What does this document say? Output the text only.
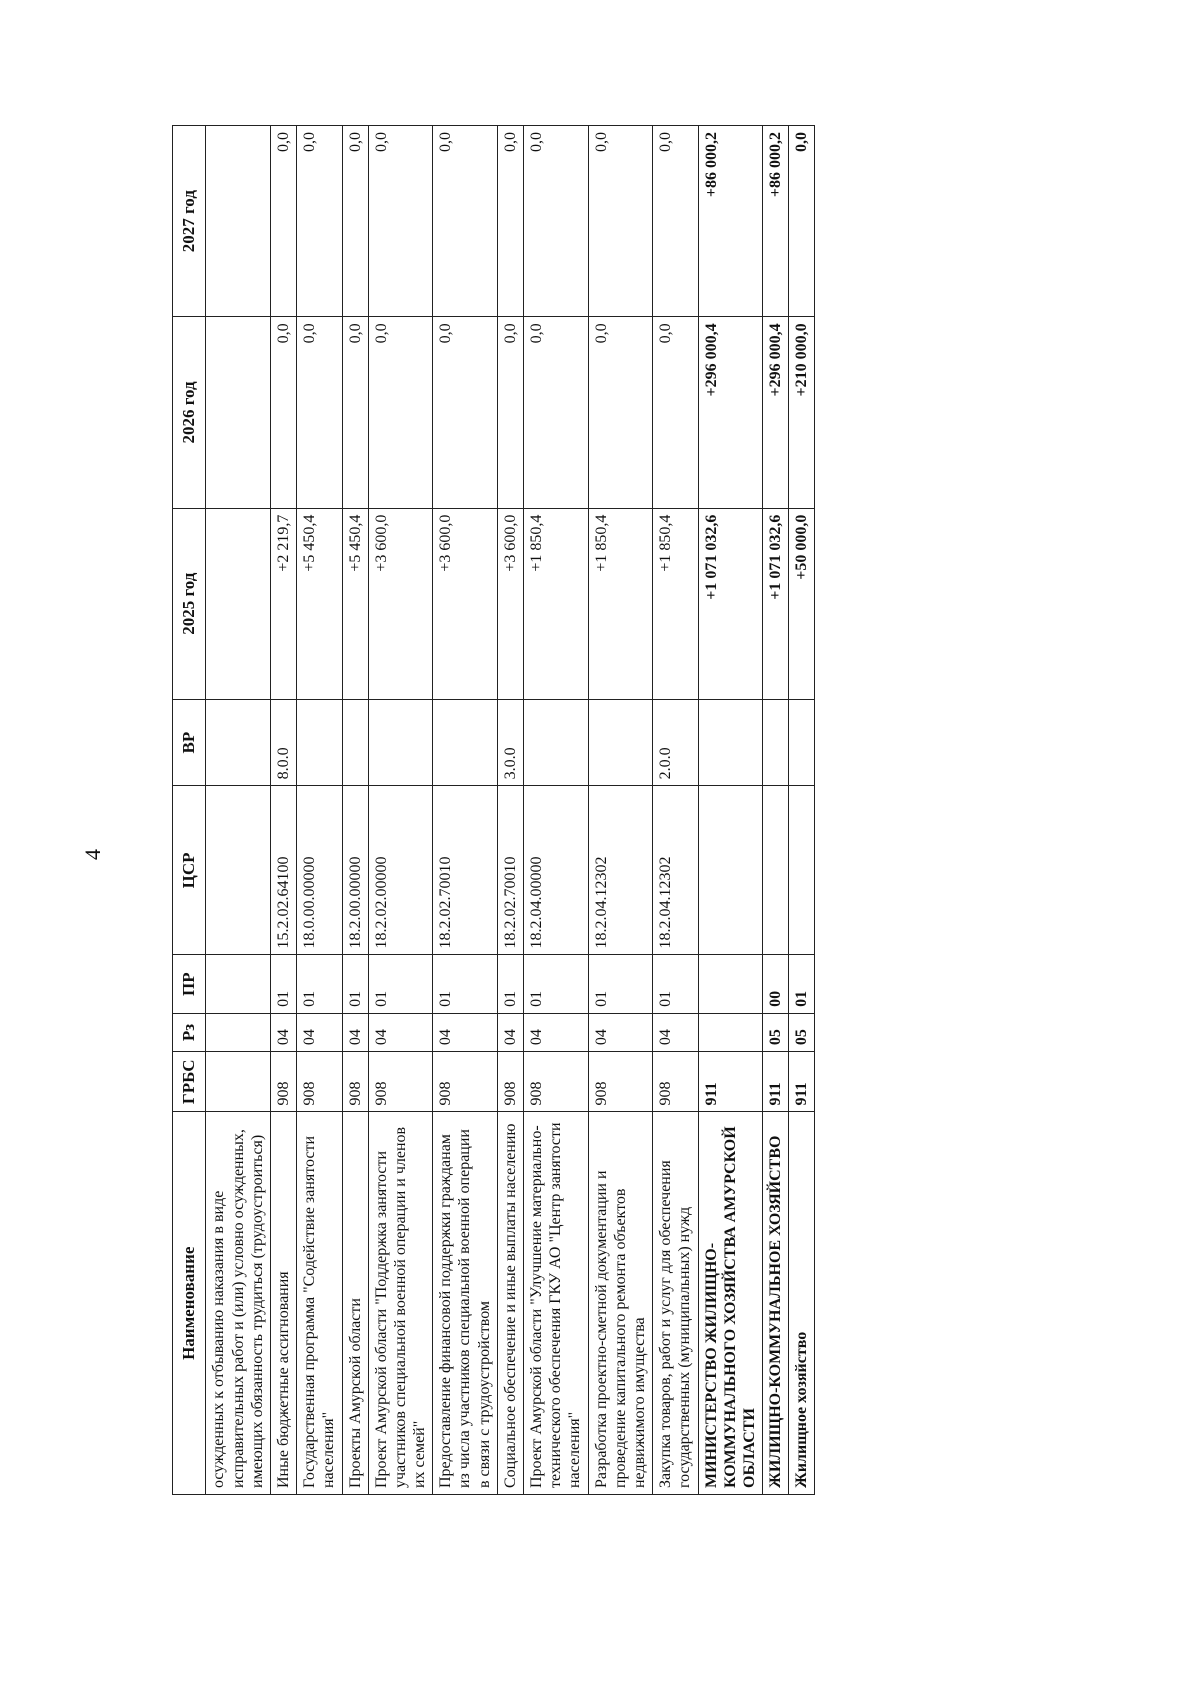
4
Наименование	ГРБС	Рз	ПР	ЦСР	ВР	2025 год	2026 год	2027 год
осужденных к отбыванию наказания в виде исправительных работ и (или) условно осужденных, имеющих обязанность трудиться (трудоустроиться)								
Иные бюджетные ассигнования	908	04	01	15.2.02.64100	8.0.0	+2 219,7	0,0	0,0
Государственная программа "Содействие занятости населения"	908	04	01	18.0.00.00000		+5 450,4	0,0	0,0
Проекты Амурской области	908	04	01	18.2.00.00000		+5 450,4	0,0	0,0
Проект Амурской области "Поддержка занятости участников специальной военной операции и членов их семей"	908	04	01	18.2.02.00000		+3 600,0	0,0	0,0
Предоставление финансовой поддержки гражданам из числа участников специальной военной операции в связи с трудоустройством	908	04	01	18.2.02.70010		+3 600,0	0,0	0,0
Социальное обеспечение и иные выплаты населению	908	04	01	18.2.02.70010	3.0.0	+3 600,0	0,0	0,0
Проект Амурской области "Улучшение материально-технического обеспечения ГКУ АО "Центр занятости населения"	908	04	01	18.2.04.00000		+1 850,4	0,0	0,0
Разработка проектно-сметной документации и проведение капитального ремонта объектов недвижимого имущества	908	04	01	18.2.04.12302		+1 850,4	0,0	0,0
Закупка товаров, работ и услуг для обеспечения государственных (муниципальных) нужд	908	04	01	18.2.04.12302	2.0.0	+1 850,4	0,0	0,0
МИНИСТЕРСТВО ЖИЛИЩНО-КОММУНАЛЬНОГО ХОЗЯЙСТВА АМУРСКОЙ ОБЛАСТИ	911					+1 071 032,6	+296 000,4	+86 000,2
ЖИЛИЩНО-КОММУНАЛЬНОЕ ХОЗЯЙСТВО	911	05	00			+1 071 032,6	+296 000,4	+86 000,2
Жилищное хозяйство	911	05	01			+50 000,0	+210 000,0	0,0
